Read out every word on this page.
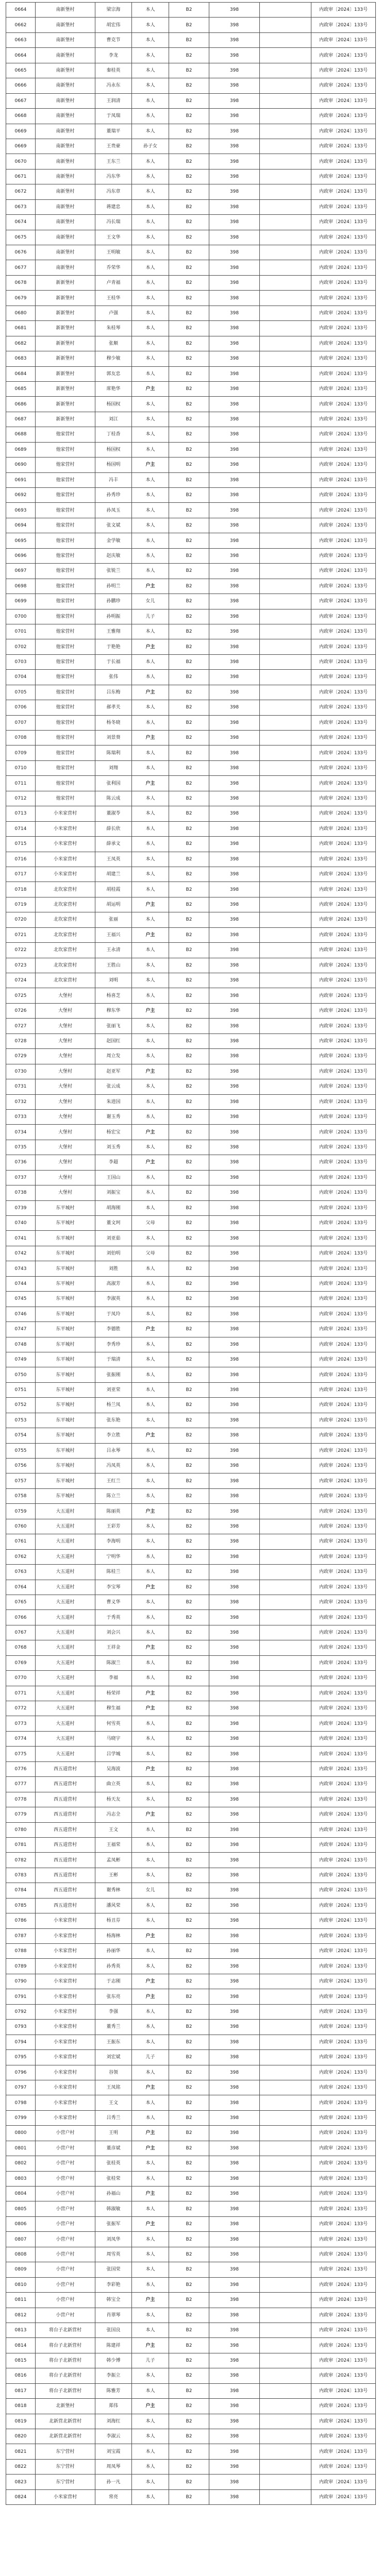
0664	南新堡村	梁宗海	本人	B2	398		内政审〔2024〕133号
0662	南新堡村	胡宏伟	本人	B2	398		内政审〔2024〕133号
0663	南新堡村	曹克节	本人	B2	398		内政审〔2024〕133号
0664	南新堡村	李龙	本人	B2	398		内政审〔2024〕133号
0665	南新堡村	秦桂英	本人	B2	398		内政审〔2024〕133号
0666	南新堡村	冯永东	本人	B2	398		内政审〔2024〕133号
0667	南新堡村	王润清	本人	B2	398		内政审〔2024〕133号
0668	南新堡村	于凤瑞	本人	B2	398		内政审〔2024〕133号
0669	南新堡村	董瑞平	本人	B2	398		内政审〔2024〕133号
0669	南新堡村	王贵豪	孙子女	B2	398		内政审〔2024〕133号
0670	南新堡村	王东兰	本人	B2	398		内政审〔2024〕133号
0671	南新堡村	冯东华	本人	B2	398		内政审〔2024〕133号
0672	南新堡村	冯东章	本人	B2	398		内政审〔2024〕133号
0673	南新堡村	蒋建忠	本人	B2	398		内政审〔2024〕133号
0674	南新堡村	冯长瑞	本人	B2	398		内政审〔2024〕133号
0675	南新堡村	王文华	本人	B2	398		内政审〔2024〕133号
0676	南新堡村	王明敏	本人	B2	398		内政审〔2024〕133号
0677	南新堡村	乔荣华	本人	B2	398		内政审〔2024〕133号
0678	新新堡村	卢青福	本人	B2	398		内政审〔2024〕133号
0679	新新堡村	王桂华	本人	B2	398		内政审〔2024〕133号
0680	新新堡村	卢强	本人	B2	398		内政审〔2024〕133号
0681	新新堡村	朱桂琴	本人	B2	398		内政审〔2024〕133号
0682	新新堡村	张顺	本人	B2	398		内政审〔2024〕133号
0683	新新堡村	穆少敏	本人	B2	398		内政审〔2024〕133号
0684	新新堡村	郭友忠	本人	B2	398		内政审〔2024〕133号
0685	新新堡村	席艳华	户主	B2	398		内政审〔2024〕133号
0686	新新堡村	杨国权	本人	B2	398		内政审〔2024〕133号
0687	新新堡村	刘江	本人	B2	398		内政审〔2024〕133号
0688	他家营村	丁桂香	本人	B2	398		内政审〔2024〕133号
0689	他家营村	杨国权	本人	B2	398		内政审〔2024〕133号
0690	他家营村	杨国明	户主	B2	398		内政审〔2024〕133号
0691	他家营村	冯丰	本人	B2	398		内政审〔2024〕133号
0692	他家营村	孙秀珍	本人	B2	398		内政审〔2024〕133号
0693	他家营村	孙凤玉	本人	B2	398		内政审〔2024〕133号
0694	他家营村	张文斌	本人	B2	398		内政审〔2024〕133号
0695	他家营村	金学敏	本人	B2	398		内政审〔2024〕133号
0696	他家营村	赵庆敏	本人	B2	398		内政审〔2024〕133号
0697	他家营村	张锐兰	本人	B2	398		内政审〔2024〕133号
0698	他家营村	孙明兰	户主	B2	398		内政审〔2024〕133号
0699	他家营村	孙鹏珍	女儿	B2	398		内政审〔2024〕133号
0700	他家营村	孙明振	儿子	B2	398		内政审〔2024〕133号
0701	他家营村	王雅翔	本人	B2	398		内政审〔2024〕133号
0702	他家营村	于艳艳	户主	B2	398		内政审〔2024〕133号
0703	他家营村	于长福	本人	B2	398		内政审〔2024〕133号
0704	他家营村	张伟	本人	B2	398		内政审〔2024〕133号
0705	他家营村	吕东梅	户主	B2	398		内政审〔2024〕133号
0706	他家营村	郝孝关	本人	B2	398		内政审〔2024〕133号
0707	他家营村	杨冬晓	本人	B2	398		内政审〔2024〕133号
0708	他家营村	刘景葵	户主	B2	398		内政审〔2024〕133号
0709	他家营村	陈瑞利	本人	B2	398		内政审〔2024〕133号
0710	他家营村	刘翔	本人	B2	398		内政审〔2024〕133号
0711	他家营村	张利国	户主	B2	398		内政审〔2024〕133号
0712	他家营村	陈云成	本人	B2	398		内政审〔2024〕133号
0713	小米家营村	董淑苓	本人	B2	398		内政审〔2024〕133号
0714	小米家营村	薛长欣	本人	B2	398		内政审〔2024〕133号
0715	小米家营村	薛承文	本人	B2	398		内政审〔2024〕133号
0716	小米家营村	王凤英	本人	B2	398		内政审〔2024〕133号
0717	小米家营村	胡建兰	本人	B2	398		内政审〔2024〕133号
0718	北坎家营村	胡桂霞	本人	B2	398		内政审〔2024〕133号
0719	北坎家营村	胡运明	户主	B2	398		内政审〔2024〕133号
0720	北坎家营村	张丽	本人	B2	398		内政审〔2024〕133号
0721	北坎家营村	王福兴	户主	B2	398		内政审〔2024〕133号
0722	北坎家营村	王永清	本人	B2	398		内政审〔2024〕133号
0723	北坎家营村	王胜山	本人	B2	398		内政审〔2024〕133号
0724	北坎家营村	刘明	本人	B2	398		内政审〔2024〕133号
0725	大堡村	杨喜芝	本人	B2	398		内政审〔2024〕133号
0726	大堡村	穆东华	户主	B2	398		内政审〔2024〕133号
0727	大堡村	张丽飞	本人	B2	398		内政审〔2024〕133号
0728	大堡村	赵国红	本人	B2	398		内政审〔2024〕133号
0729	大堡村	周立发	本人	B2	398		内政审〔2024〕133号
0730	大堡村	赵亚军	户主	B2	398		内政审〔2024〕133号
0731	大堡村	张云成	本人	B2	398		内政审〔2024〕133号
0732	大堡村	朱进国	本人	B2	398		内政审〔2024〕133号
0733	大堡村	谢玉秀	本人	B2	398		内政审〔2024〕133号
0734	大堡村	杨宏宝	户主	B2	398		内政审〔2024〕133号
0735	大堡村	刘玉秀	本人	B2	398		内政审〔2024〕133号
0736	大堡村	李超	户主	B2	398		内政审〔2024〕133号
0737	大堡村	王国山	本人	B2	398		内政审〔2024〕133号
0738	大堡村	刘振宝	本人	B2	398		内政审〔2024〕133号
0739	东平城村	胡海刚	本人	B2	398		内政审〔2024〕133号
0740	东平城村	董文珂	父母	B2	398		内政审〔2024〕133号
0741	东平城村	刘亚茹	本人	B2	398		内政审〔2024〕133号
0742	东平城村	刘伯明	父母	B2	398		内政审〔2024〕133号
0743	东平城村	刘胜	本人	B2	398		内政审〔2024〕133号
0744	东平城村	高淑芳	本人	B2	398		内政审〔2024〕133号
0745	东平城村	李淑英	本人	B2	398		内政审〔2024〕133号
0746	东平城村	于凤玲	本人	B2	398		内政审〔2024〕133号
0747	东平城村	李德胜	户主	B2	398		内政审〔2024〕133号
0748	东平城村	李秀珍	本人	B2	398		内政审〔2024〕133号
0749	东平城村	于瑞清	本人	B2	398		内政审〔2024〕133号
0750	东平城村	张振刚	本人	B2	398		内政审〔2024〕133号
0751	东平城村	刘亚荣	本人	B2	398		内政审〔2024〕133号
0752	东平城村	杨兰凤	本人	B2	398		内政审〔2024〕133号
0753	东平城村	张东艳	本人	B2	398		内政审〔2024〕133号
0754	东平城村	李立胜	户主	B2	398		内政审〔2024〕133号
0755	东平城村	吕永琴	本人	B2	398		内政审〔2024〕133号
0756	东平城村	冯凤英	本人	B2	398		内政审〔2024〕133号
0757	东平城村	王红兰	本人	B2	398		内政审〔2024〕133号
0758	东平城村	陈立兰	本人	B2	398		内政审〔2024〕133号
0759	大五道村	陈丽英	户主	B2	398		内政审〔2024〕133号
0760	大五道村	王彩芳	本人	B2	398		内政审〔2024〕133号
0761	大五道村	李海明	本人	B2	398		内政审〔2024〕133号
0762	大五道村	宁明华	本人	B2	398		内政审〔2024〕133号
0763	大五道村	陈桂兰	本人	B2	398		内政审〔2024〕133号
0764	大五道村	李宝琴	户主	B2	398		内政审〔2024〕133号
0765	大五道村	曹义华	本人	B2	398		内政审〔2024〕133号
0766	大五道村	于秀英	本人	B2	398		内政审〔2024〕133号
0767	大五道村	刘会兴	本人	B2	398		内政审〔2024〕133号
0768	大五道村	王祥金	户主	B2	398		内政审〔2024〕133号
0769	大五道村	陈淑兰	本人	B2	398		内政审〔2024〕133号
0770	大五道村	李福	本人	B2	398		内政审〔2024〕133号
0771	大五道村	杨荣祥	户主	B2	398		内政审〔2024〕133号
0772	大五道村	穆生福	户主	B2	398		内政审〔2024〕133号
0773	大五道村	何雪英	本人	B2	398		内政审〔2024〕133号
0774	大五道村	马晓宇	本人	B2	398		内政审〔2024〕133号
0775	大五道村	吕学城	本人	B2	398		内政审〔2024〕133号
0776	西五道营村	吴海波	户主	B2	398		内政审〔2024〕133号
0777	西五道营村	曲立英	本人	B2	398		内政审〔2024〕133号
0778	西五道营村	杨天友	本人	B2	398		内政审〔2024〕133号
0779	西五道营村	冯志全	户主	B2	398		内政审〔2024〕133号
0780	西五道营村	王文	本人	B2	398		内政审〔2024〕133号
0781	西五道营村	王福荣	本人	B2	398		内政审〔2024〕133号
0782	西五道营村	孟凤彬	本人	B2	398		内政审〔2024〕133号
0783	西五道营村	王彬	本人	B2	398		内政审〔2024〕133号
0784	西五道营村	谢秀林	女儿	B2	398		内政审〔2024〕133号
0785	西五道营村	潘风荣	本人	B2	398		内政审〔2024〕133号
0786	小米家营村	杨丑芬	本人	B2	398		内政审〔2024〕133号
0787	小米家营村	杨海林	户主	B2	398		内政审〔2024〕133号
0788	小米家营村	孙丽华	本人	B2	398		内政审〔2024〕133号
0789	小米家营村	孙秀英	本人	B2	398		内政审〔2024〕133号
0790	小米家营村	于志刚	户主	B2	398		内政审〔2024〕133号
0791	小米家营村	张东亮	户主	B2	398		内政审〔2024〕133号
0792	小米家营村	李强	本人	B2	398		内政审〔2024〕133号
0793	小米家营村	董秀兰	本人	B2	398		内政审〔2024〕133号
0794	小米家营村	王振东	本人	B2	398		内政审〔2024〕133号
0795	小米家营村	刘宏斌	儿子	B2	398		内政审〔2024〕133号
0796	小米家营村	谷领	本人	B2	398		内政审〔2024〕133号
0797	小米家营村	王凤铭	户主	B2	398		内政审〔2024〕133号
0798	小米家营村	王文	本人	B2	398		内政审〔2024〕133号
0799	小米家营村	吕秀兰	本人	B2	398		内政审〔2024〕133号
0800	小营户村	王明	户主	B2	398		内政审〔2024〕133号
0801	小营户村	董彦斌	户主	B2	398		内政审〔2024〕133号
0802	小营户村	张桂英	本人	B2	398		内政审〔2024〕133号
0803	小营户村	张桂荣	本人	B2	398		内政审〔2024〕133号
0804	小营户村	孙福山	户主	B2	398		内政审〔2024〕133号
0805	小营户村	韩淑敏	本人	B2	398		内政审〔2024〕133号
0806	小营户村	张振军	户主	B2	398		内政审〔2024〕133号
0807	小营户村	刘凤华	本人	B2	398		内政审〔2024〕133号
0808	小营户村	周雪英	本人	B2	398		内政审〔2024〕133号
0809	小营户村	张国荣	本人	B2	398		内政审〔2024〕133号
0810	小营户村	李彩艳	本人	B2	398		内政审〔2024〕133号
0811	小营户村	韩宝全	户主	B2	398		内政审〔2024〕133号
0812	小营户村	肖翠琴	本人	B2	398		内政审〔2024〕133号
0813	将台子北新营村	张国良	本人	B2	398		内政审〔2024〕133号
0814	将台子北新营村	陈建祥	户主	B2	398		内政审〔2024〕133号
0815	将台子北新营村	韩少博	儿子	B2	398		内政审〔2024〕133号
0816	将台子北新营村	李振立	本人	B2	398		内政审〔2024〕133号
0817	将台子北新营村	陈雅芳	本人	B2	398		内政审〔2024〕133号
0818	北新堡村	郑伟	户主	B2	398		内政审〔2024〕133号
0819	北新营北新营村	刘海红	本人	B2	398		内政审〔2024〕133号
0820	北新营北新营村	李淑云	本人	B2	398		内政审〔2024〕133号
0821	东宁营村	刘宝霞	本人	B2	398		内政审〔2024〕133号
0822	东宁营村	周凤琴	本人	B2	398		内政审〔2024〕133号
0823	东宁营村	孙一凡	本人	B2	398		内政审〔2024〕133号
0824	小米家营村	常亮	本人	B2	398		内政审〔2024〕133号
